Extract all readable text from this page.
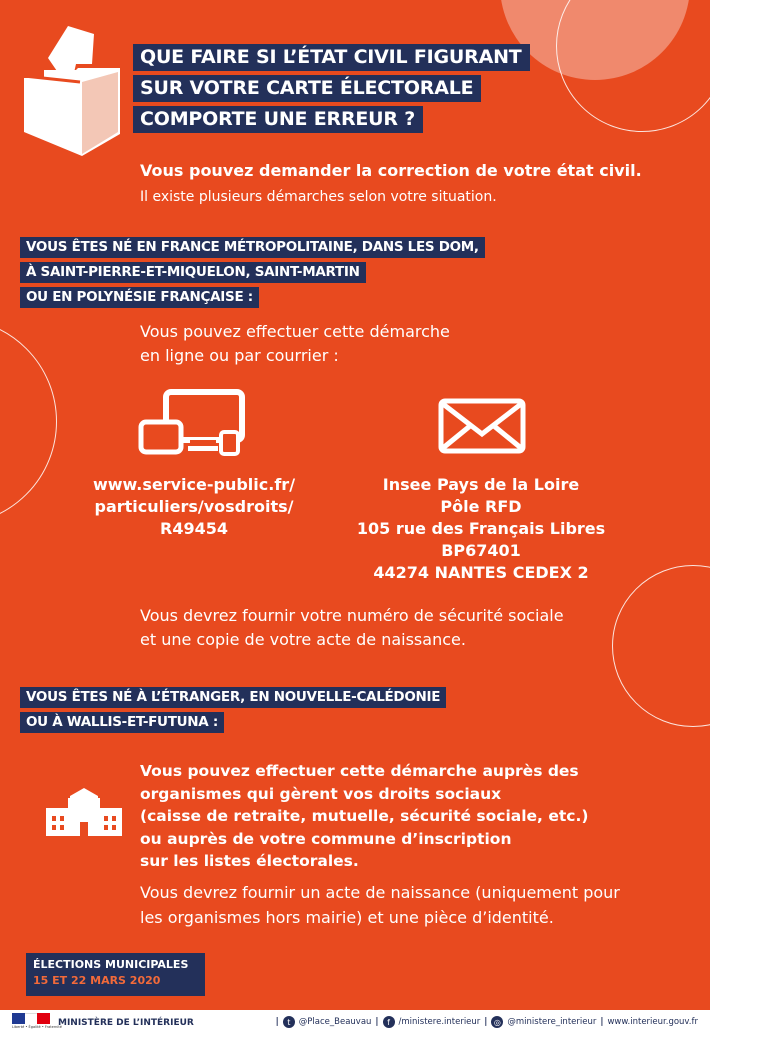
QUE FAIRE SI L’ÉTAT CIVIL FIGURANT
SUR VOTRE CARTE ÉLECTORALE
COMPORTE UNE ERREUR ?
Vous pouvez demander la correction de votre état civil.
Il existe plusieurs démarches selon votre situation.
VOUS ÊTES NÉ EN FRANCE MÉTROPOLITAINE, DANS LES DOM,
À SAINT-PIERRE-ET-MIQUELON, SAINT-MARTIN
OU EN POLYNÉSIE FRANÇAISE :
Vous pouvez effectuer cette démarche
en ligne ou par courrier :
www.service-public.fr/
particuliers/vosdroits/
R49454
Insee Pays de la Loire
Pôle RFD
105 rue des Français Libres
BP67401
44274 NANTES CEDEX 2
Vous devrez fournir votre numéro de sécurité sociale
et une copie de votre acte de naissance.
VOUS ÊTES NÉ À L’ÉTRANGER, EN NOUVELLE-CALÉDONIE
OU À WALLIS-ET-FUTUNA :
Vous pouvez effectuer cette démarche auprès des
organismes qui gèrent vos droits sociaux
(caisse de retraite, mutuelle, sécurité sociale, etc.)
ou auprès de votre commune d’inscription
sur les listes électorales.
Vous devrez fournir un acte de naissance (uniquement pour
les organismes hors mairie) et une pièce d’identité.
ÉLECTIONS MUNICIPALES
15 ET 22 MARS 2020
Liberté • Égalité • Fraternité
MINISTÈRE DE L’INTÉRIEUR	|	t @Place_Beauvau |	f	/ministere.interieur | ◎ @ministere_interieur | www.interieur.gouv.fr
